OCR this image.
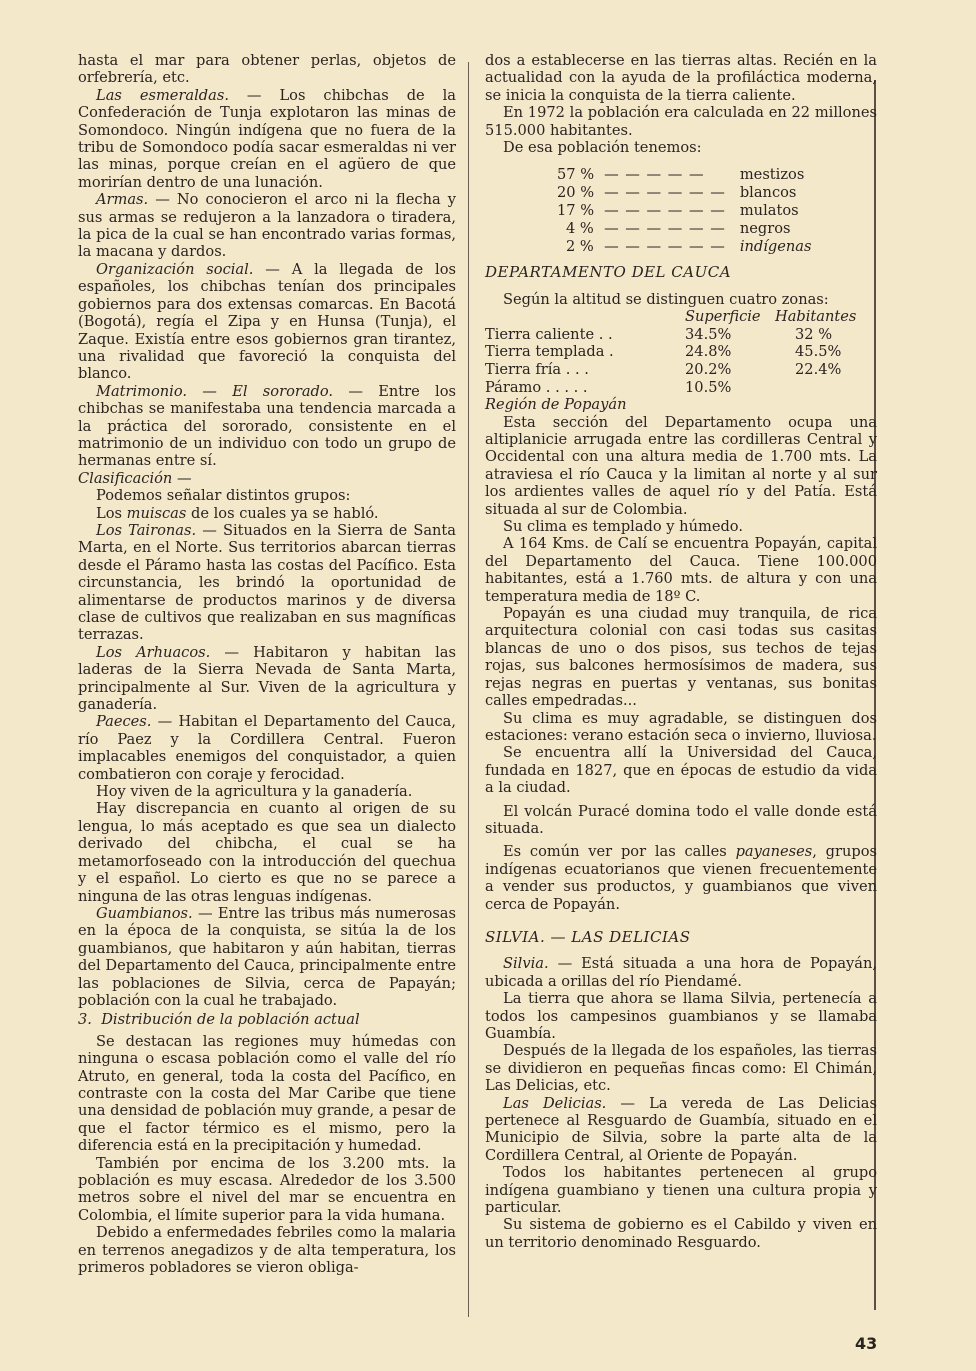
hasta el mar para obtener perlas, objetos de orfebrería, etc.

Las esmeraldas. — Los chibchas de la Confederación de Tunja explotaron las minas de Somondoco. Ningún indígena que no fuera de la tribu de Somondoco podía sacar esmeraldas ni ver las minas, porque creían en el agüero de que morirían dentro de una lunación.

Armas. — No conocieron el arco ni la flecha y sus armas se redujeron a la lanzadora o tiradera, la pica de la cual se han encontrado varias formas, la macana y dardos.

Organización social. — A la llegada de los españoles, los chibchas tenían dos principales gobiernos para dos extensas comarcas. En Bacotá (Bogotá), regía el Zipa y en Hunsa (Tunja), el Zaque. Existía entre esos gobiernos gran tirantez, una rivalidad que favoreció la conquista del blanco.

Matrimonio. — El sororado. — Entre los chibchas se manifestaba una tendencia marcada a la práctica del sororado, consistente en el matrimonio de un individuo con todo un grupo de hermanas entre sí.

Clasificación —

Podemos señalar distintos grupos:

Los muiscas de los cuales ya se habló.

Los Taironas. — Situados en la Sierra de Santa Marta, en el Norte. Sus territorios abarcan tierras desde el Páramo hasta las costas del Pacífico. Esta circunstancia, les brindó la oportunidad de alimentarse de productos marinos y de diversa clase de cultivos que realizaban en sus magníficas terrazas.

Los Arhuacos. — Habitaron y habitan las laderas de la Sierra Nevada de Santa Marta, principalmente al Sur. Viven de la agricultura y ganadería.

Paeces. — Habitan el Departamento del Cauca, río Paez y la Cordillera Central. Fueron implacables enemigos del conquistador, a quien combatieron con coraje y ferocidad.

Hoy viven de la agricultura y la ganadería.

Hay discrepancia en cuanto al origen de su lengua, lo más aceptado es que sea un dialecto derivado del chibcha, el cual se ha metamorfoseado con la introducción del quechua y el español. Lo cierto es que no se parece a ninguna de las otras lenguas indígenas.

Guambianos. — Entre las tribus más numerosas en la época de la conquista, se sitúa la de los guambianos, que habitaron y aún habitan, tierras del Departamento del Cauca, principalmente entre las poblaciones de Silvia, cerca de Papayán; población con la cual he trabajado.

3. Distribución de la población actual

Se destacan las regiones muy húmedas con ninguna o escasa población como el valle del río Atruto, en general, toda la costa del Pacífico, en contraste con la costa del Mar Caribe que tiene una densidad de población muy grande, a pesar de que el factor térmico es el mismo, pero la diferencia está en la precipitación y humedad.

También por encima de los 3.200 mts. la población es muy escasa. Alrededor de los 3.500 metros sobre el nivel del mar se encuentra en Colombia, el límite superior para la vida humana.

Debido a enfermedades febriles como la malaria en terrenos anegadizos y de alta temperatura, los primeros pobladores se vieron obliga-

dos a establecerse en las tierras altas. Recién en la actualidad con la ayuda de la profiláctica moderna, se inicia la conquista de la tierra caliente.

En 1972 la población era calculada en 22 millones 515.000 habitantes.

De esa población tenemos:

57 %	— — — — —	mestizos
20 %	— — — — — —	blancos
17 %	— — — — — —	mulatos
4 %	— — — — — —	negros
2 %	— — — — — —	indígenas

DEPARTAMENTO DEL CAUCA

Según la altitud se distinguen cuatro zonas:

	Superficie	Habitantes
Tierra caliente . .	34.5%	32 %
Tierra templada .	24.8%	45.5%
Tierra fría . . .	20.2%	22.4%
Páramo . . . . .	10.5%	

Región de Popayán

Esta sección del Departamento ocupa una altiplanicie arrugada entre las cordilleras Central y Occidental con una altura media de 1.700 mts. La atraviesa el río Cauca y la limitan al norte y al sur los ardientes valles de aquel río y del Patía. Está situada al sur de Colombia.

Su clima es templado y húmedo.

A 164 Kms. de Calí se encuentra Popayán, capital del Departamento del Cauca. Tiene 100.000 habitantes, está a 1.760 mts. de altura y con una temperatura media de 18º C.

Popayán es una ciudad muy tranquila, de rica arquitectura colonial con casi todas sus casitas blancas de uno o dos pisos, sus techos de tejas rojas, sus balcones hermosísimos de madera, sus rejas negras en puertas y ventanas, sus bonitas calles empedradas...

Su clima es muy agradable, se distinguen dos estaciones: verano estación seca o invierno, lluviosa.

Se encuentra allí la Universidad del Cauca, fundada en 1827, que en épocas de estudio da vida a la ciudad.

El volcán Puracé domina todo el valle donde está situada.

Es común ver por las calles payaneses, grupos indígenas ecuatorianos que vienen frecuentemente a vender sus productos, y guambianos que viven cerca de Popayán.

SILVIA. — LAS DELICIAS

Silvia. — Está situada a una hora de Popayán, ubicada a orillas del río Piendamé.

La tierra que ahora se llama Silvia, pertenecía a todos los campesinos guambianos y se llamaba Guambía.

Después de la llegada de los españoles, las tierras se dividieron en pequeñas fincas como: El Chimán, Las Delicias, etc.

Las Delicias. — La vereda de Las Delicias pertenece al Resguardo de Guambía, situado en el Municipio de Silvia, sobre la parte alta de la Cordillera Central, al Oriente de Popayán.

Todos los habitantes pertenecen al grupo indígena guambiano y tienen una cultura propia y particular.

Su sistema de gobierno es el Cabildo y viven en un territorio denominado Resguardo.

43
